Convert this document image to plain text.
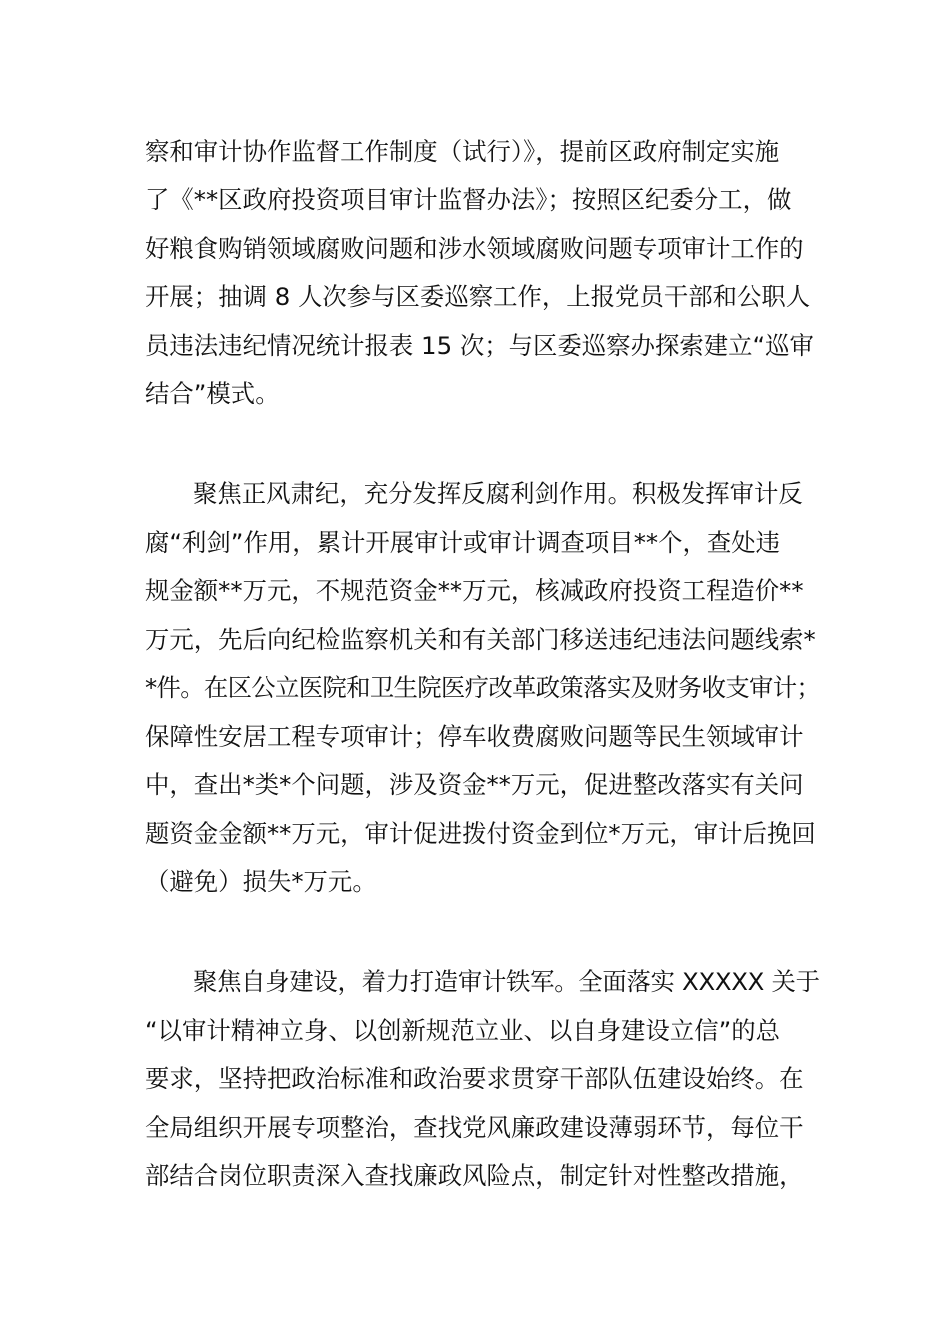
察和审计协作监督工作制度（试行）》，提前区政府制定实施

了《**区政府投资项目审计监督办法》；按照区纪委分工，做

好粮食购销领域腐败问题和涉水领域腐败问题专项审计工作的

开展；抽调 8 人次参与区委巡察工作，上报党员干部和公职人

员违法违纪情况统计报表 15 次；与区委巡察办探索建立“巡审

结合”模式。

聚焦正风肃纪，充分发挥反腐利剑作用。积极发挥审计反

腐“利剑”作用，累计开展审计或审计调查项目**个，查处违

规金额**万元，不规范资金**万元，核减政府投资工程造价**

万元，先后向纪检监察机关和有关部门移送违纪违法问题线索*

*件。在区公立医院和卫生院医疗改革政策落实及财务收支审计；

保障性安居工程专项审计；停车收费腐败问题等民生领域审计

中，查出*类*个问题，涉及资金**万元，促进整改落实有关问

题资金金额**万元，审计促进拨付资金到位*万元，审计后挽回

（避免）损失*万元。

聚焦自身建设，着力打造审计铁军。全面落实 XXXXX 关于

“以审计精神立身、以创新规范立业、以自身建设立信”的总

要求，坚持把政治标准和政治要求贯穿干部队伍建设始终。在

全局组织开展专项整治，查找党风廉政建设薄弱环节，每位干

部结合岗位职责深入查找廉政风险点，制定针对性整改措施，
